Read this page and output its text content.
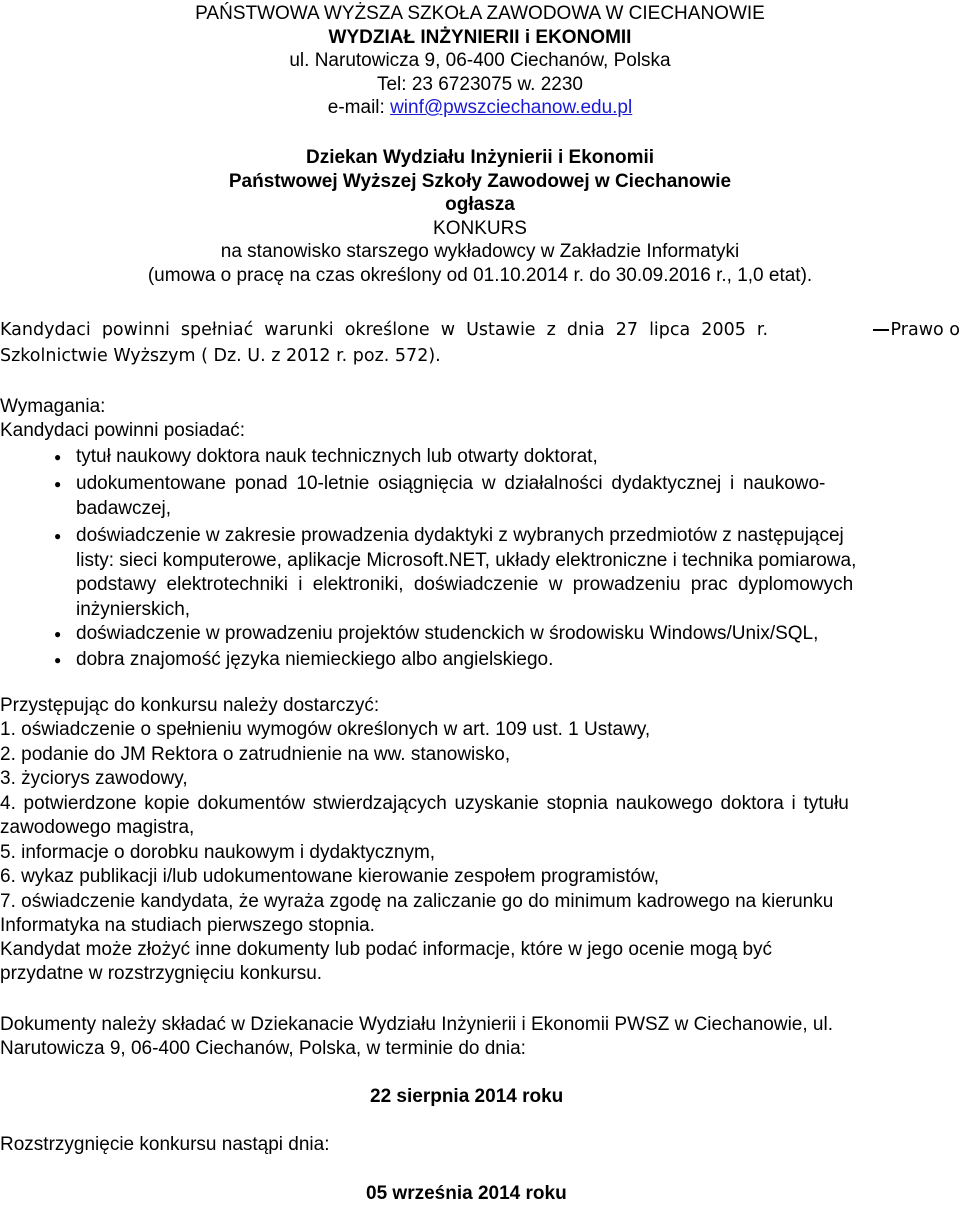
PAŃSTWOWA WYŻSZA SZKOŁA ZAWODOWA W CIECHANOWIE
WYDZIAŁ INŻYNIERII i EKONOMII
ul. Narutowicza 9, 06-400 Ciechanów, Polska
Tel: 23 6723075 w. 2230
e-mail: winf@pwszciechanow.edu.pl
Dziekan Wydziału Inżynierii i Ekonomii
Państwowej Wyższej Szkoły Zawodowej w Ciechanowie
ogłasza
KONKURS
na stanowisko starszego wykładowcy w Zakładzie Informatyki
(umowa o pracę na czas określony od 01.10.2014 r. do 30.09.2016 r., 1,0 etat).
Kandydaci powinni spełniać warunki określone w Ustawie z dnia 27 lipca 2005 r.	Prawo o
Szkolnictwie Wyższym ( Dz. U. z 2012 r. poz. 572).
Wymagania:
Kandydaci powinni posiadać:
● tytuł naukowy doktora nauk technicznych lub otwarty doktorat,
● udokumentowane ponad 10-letnie osiągnięcia w działalności dydaktycznej i naukowo-
badawczej,
● doświadczenie w zakresie prowadzenia dydaktyki z wybranych przedmiotów z następującej
listy: sieci komputerowe, aplikacje Microsoft.NET, układy elektroniczne i technika pomiarowa,
podstawy elektrotechniki i elektroniki, doświadczenie w prowadzeniu prac dyplomowych
inżynierskich,
● doświadczenie w prowadzeniu projektów studenckich w środowisku Windows/Unix/SQL,
● dobra znajomość języka niemieckiego albo angielskiego.
Przystępując do konkursu należy dostarczyć:
1. oświadczenie o spełnieniu wymogów określonych w art. 109 ust. 1 Ustawy,
2. podanie do JM Rektora o zatrudnienie na ww. stanowisko,
3. życiorys zawodowy,
4. potwierdzone kopie dokumentów stwierdzających uzyskanie stopnia naukowego doktora i tytułu
zawodowego magistra,
5. informacje o dorobku naukowym i dydaktycznym,
6. wykaz publikacji i/lub udokumentowane kierowanie zespołem programistów,
7. oświadczenie kandydata, że wyraża zgodę na zaliczanie go do minimum kadrowego na kierunku
Informatyka na studiach pierwszego stopnia.
Kandydat może złożyć inne dokumenty lub podać informacje, które w jego ocenie mogą być
przydatne w rozstrzygnięciu konkursu.
Dokumenty należy składać w Dziekanacie Wydziału Inżynierii i Ekonomii PWSZ w Ciechanowie, ul.
Narutowicza 9, 06-400 Ciechanów, Polska, w terminie do dnia:
22 sierpnia 2014 roku
Rozstrzygnięcie konkursu nastąpi dnia:
05 września 2014 roku
